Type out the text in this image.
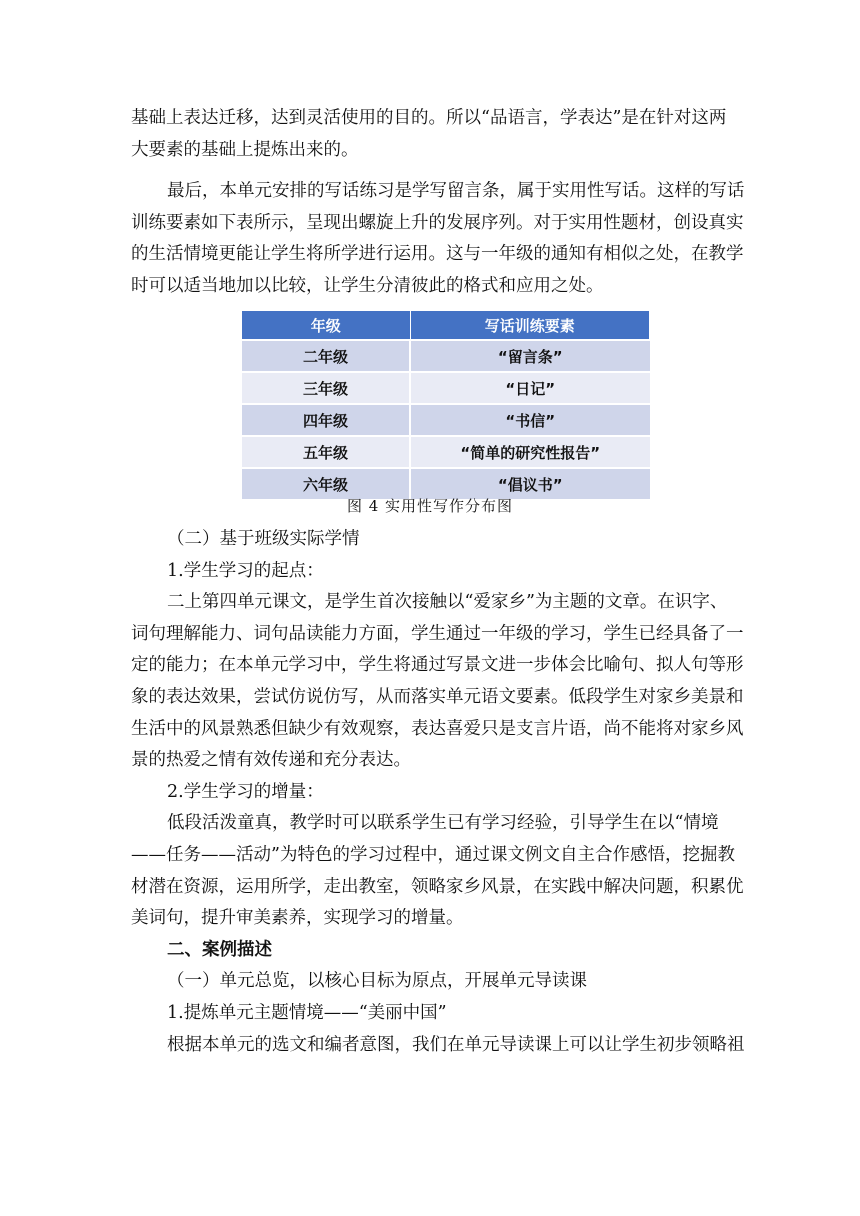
基础上表达迁移，达到灵活使用的目的。所以“品语言，学表达”是在针对这两
大要素的基础上提炼出来的。

最后，本单元安排的写话练习是学写留言条，属于实用性写话。这样的写话
训练要素如下表所示，呈现出螺旋上升的发展序列。对于实用性题材，创设真实
的生活情境更能让学生将所学进行运用。这与一年级的通知有相似之处，在教学
时可以适当地加以比较，让学生分清彼此的格式和应用之处。

年级	写话训练要素
二年级	“留言条”
三年级	“日记”
四年级	“书信”
五年级	“简单的研究性报告”
六年级	“倡议书”
图 4 实用性写作分布图

（二）基于班级实际学情
1.学生学习的起点：
二上第四单元课文，是学生首次接触以“爱家乡”为主题的文章。在识字、
词句理解能力、词句品读能力方面，学生通过一年级的学习，学生已经具备了一
定的能力；在本单元学习中，学生将通过写景文进一步体会比喻句、拟人句等形
象的表达效果，尝试仿说仿写，从而落实单元语文要素。低段学生对家乡美景和
生活中的风景熟悉但缺少有效观察，表达喜爱只是支言片语，尚不能将对家乡风
景的热爱之情有效传递和充分表达。
2.学生学习的增量：
低段活泼童真，教学时可以联系学生已有学习经验，引导学生在以“情境
——任务——活动”为特色的学习过程中，通过课文例文自主合作感悟，挖掘教
材潜在资源，运用所学，走出教室，领略家乡风景，在实践中解决问题，积累优
美词句，提升审美素养，实现学习的增量。
二、案例描述
（一）单元总览，以核心目标为原点，开展单元导读课
1.提炼单元主题情境——“美丽中国”
根据本单元的选文和编者意图，我们在单元导读课上可以让学生初步领略祖
